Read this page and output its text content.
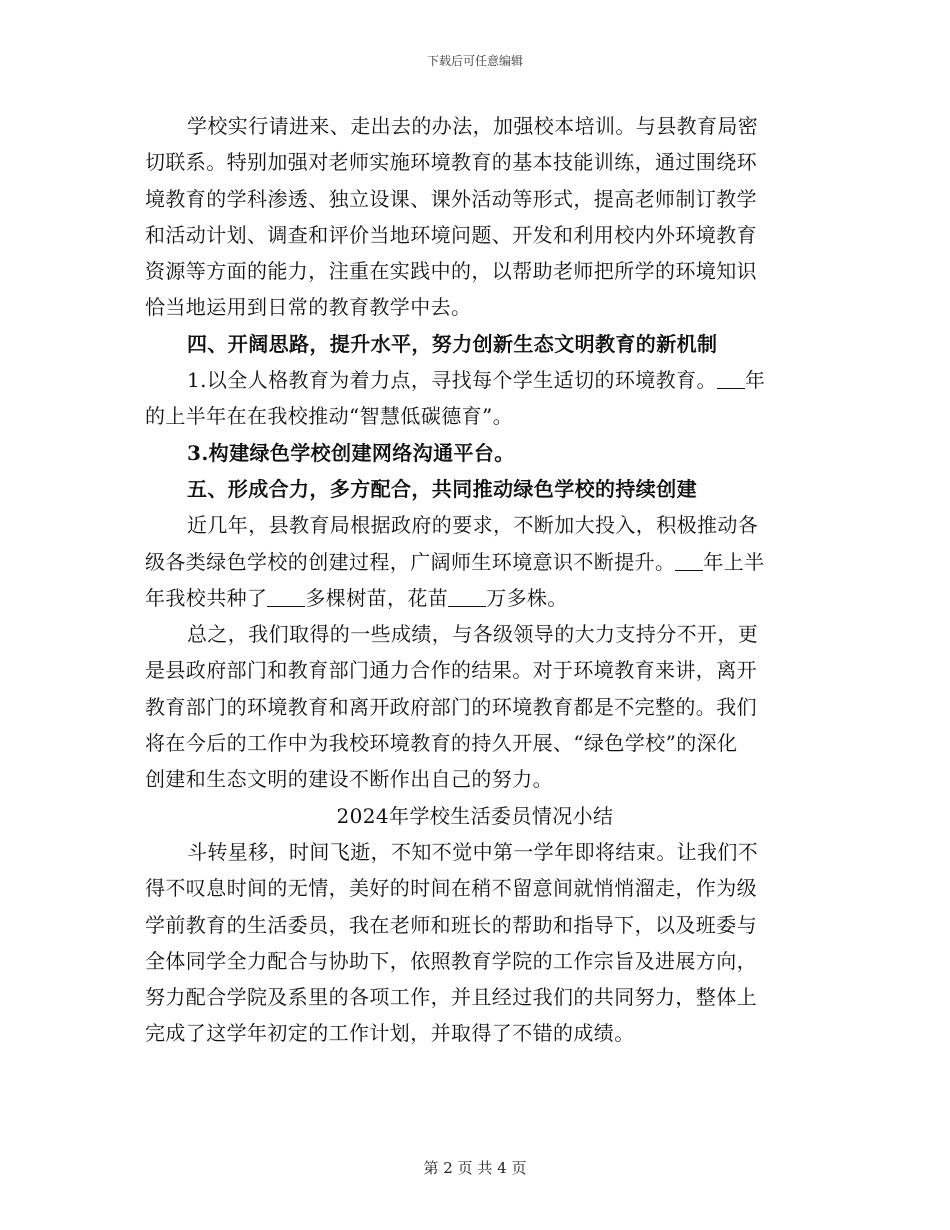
下载后可任意编辑
学校实行请进来、走出去的办法，加强校本培训。与县教育局密
切联系。特别加强对老师实施环境教育的基本技能训练，通过围绕环
境教育的学科渗透、独立设课、课外活动等形式，提高老师制订教学
和活动计划、调查和评价当地环境问题、开发和利用校内外环境教育
资源等方面的能力，注重在实践中的，以帮助老师把所学的环境知识
恰当地运用到日常的教育教学中去。
四、开阔思路，提升水平，努力创新生态文明教育的新机制
1.以全人格教育为着力点，寻找每个学生适切的环境教育。 年
的上半年在在我校推动“智慧低碳德育”。
3.构建绿色学校创建网络沟通平台。
五、形成合力，多方配合，共同推动绿色学校的持续创建
近几年，县教育局根据政府的要求，不断加大投入，积极推动各
级各类绿色学校的创建过程，广阔师生环境意识不断提升。 年上半
年我校共种了 多棵树苗，花苗 万多株。
总之，我们取得的一些成绩，与各级领导的大力支持分不开，更
是县政府部门和教育部门通力合作的结果。对于环境教育来讲，离开
教育部门的环境教育和离开政府部门的环境教育都是不完整的。我们
将在今后的工作中为我校环境教育的持久开展、“绿色学校”的深化
创建和生态文明的建设不断作出自己的努力。
2024年学校生活委员情况小结
斗转星移，时间飞逝，不知不觉中第一学年即将结束。让我们不
得不叹息时间的无情，美好的时间在稍不留意间就悄悄溜走，作为级
学前教育的生活委员，我在老师和班长的帮助和指导下，以及班委与
全体同学全力配合与协助下，依照教育学院的工作宗旨及进展方向，
努力配合学院及系里的各项工作，并且经过我们的共同努力，整体上
完成了这学年初定的工作计划，并取得了不错的成绩。
第 2 页 共 4 页
